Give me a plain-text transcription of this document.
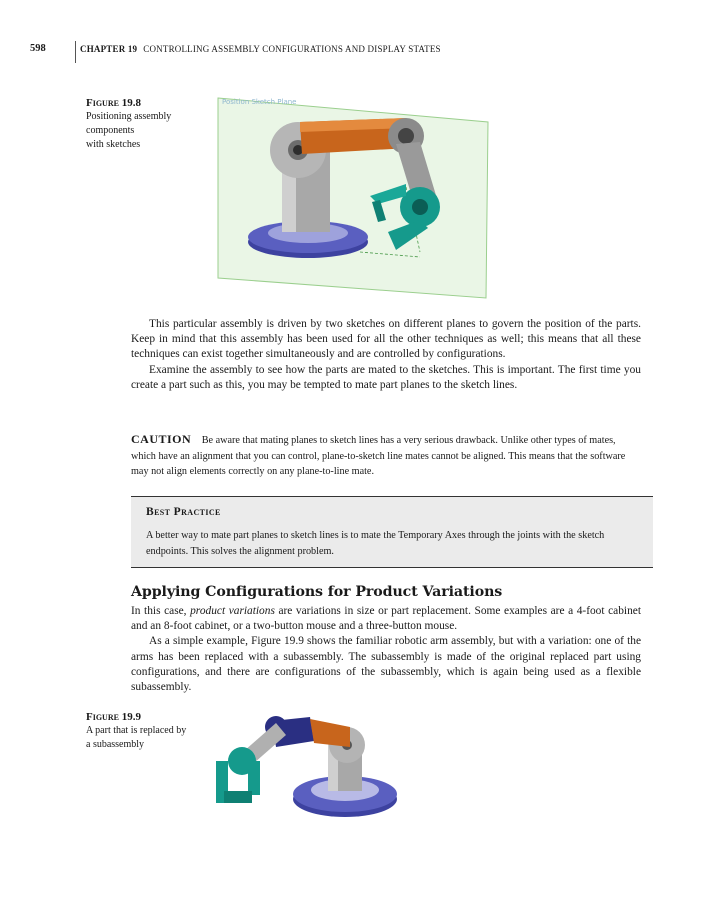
598	CHAPTER 19 CONTROLLING ASSEMBLY CONFIGURATIONS AND DISPLAY STATES
Figure 19.8
Positioning assembly
components
with sketches
Position Sketch Plane

This particular assembly is driven by two sketches on different planes to govern the position of the parts. Keep in mind that this assembly has been used for all the other techniques as well; this means that all these techniques can exist together simultaneously and are controlled by configurations.

Examine the assembly to see how the parts are mated to the sketches. This is important. The first time you create a part such as this, you may be tempted to mate part planes to the sketch lines.

CAUTION Be aware that mating planes to sketch lines has a very serious drawback. Unlike other types of mates, which have an alignment that you can control, plane-to-sketch line mates cannot be aligned. This means that the software may not align elements correctly on any plane-to-line mate.
Best Practice
A better way to mate part planes to sketch lines is to mate the Temporary Axes through the joints with the sketch endpoints. This solves the alignment problem.
Applying Configurations for Product Variations

In this case, product variations are variations in size or part replacement. Some examples are a 4-foot cabinet and an 8-foot cabinet, or a two-button mouse and a three-button mouse.

As a simple example, Figure 19.9 shows the familiar robotic arm assembly, but with a variation: one of the arms has been replaced with a subassembly. The subassembly is made of the original replaced part using configurations, and there are configurations of the subassembly, which is again being used as a flexible subassembly.

Figure 19.9
A part that is replaced by
a subassembly
